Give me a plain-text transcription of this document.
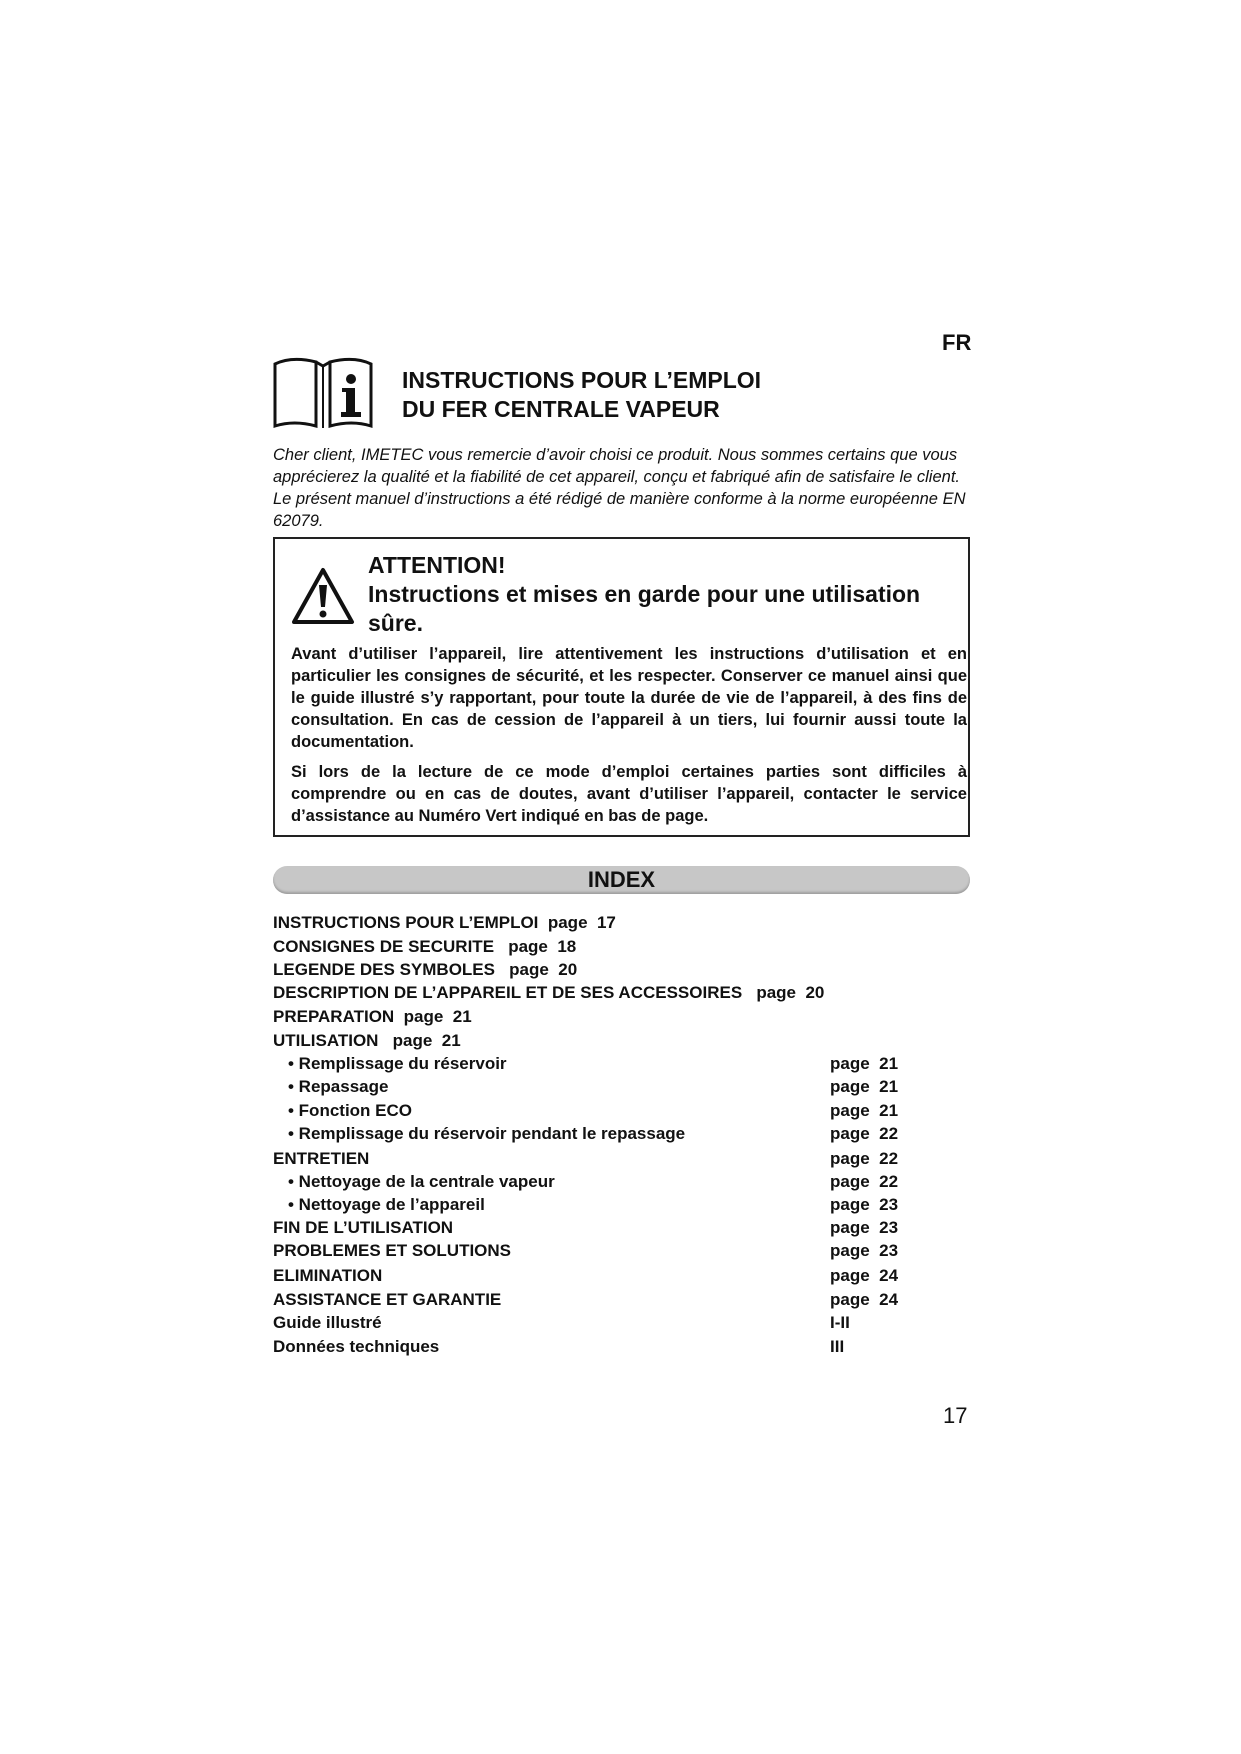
FR
INSTRUCTIONS POUR L’EMPLOI
DU FER CENTRALE VAPEUR
Cher client, IMETEC vous remercie d’avoir choisi ce produit. Nous sommes certains que vous apprécierez la qualité et la fiabilité de cet appareil, conçu et fabriqué afin de satisfaire le client. Le présent manuel d’instructions a été rédigé de manière conforme à la norme européenne EN 62079.
ATTENTION!
Instructions et mises en garde pour une utilisation sûre.
Avant d’utiliser l’appareil, lire attentivement les instructions d’utilisation et en particulier les consignes de sécurité, et les respecter. Conserver ce manuel ainsi que le guide illustré s’y rapportant, pour toute la durée de vie de l’appareil, à des fins de consultation. En cas de cession de l’appareil à un tiers, lui fournir aussi toute la documentation.
Si lors de la lecture de ce mode d’emploi certaines parties sont difficiles à comprendre ou en cas de doutes, avant d’utiliser l’appareil, contacter le service d’assistance au Numéro Vert indiqué en bas de page.
INDEX
INSTRUCTIONS POUR L’EMPLOI  page  17
CONSIGNES DE SECURITE   page  18
LEGENDE DES SYMBOLES   page  20
DESCRIPTION DE L’APPAREIL ET DE SES ACCESSOIRES   page  20
PREPARATION  page  21
UTILISATION   page  21
• Remplissage du réservoir	page  21
• Repassage	page  21
• Fonction ECO	page  21
• Remplissage du réservoir pendant le repassage	page  22
ENTRETIEN	page  22
• Nettoyage de la centrale vapeur	page  22
• Nettoyage de l’appareil	page  23
FIN DE L’UTILISATION	page  23
PROBLEMES ET SOLUTIONS	page  23
ELIMINATION	page  24
ASSISTANCE ET GARANTIE	page  24
Guide illustré	I-II
Données techniques	III
17
